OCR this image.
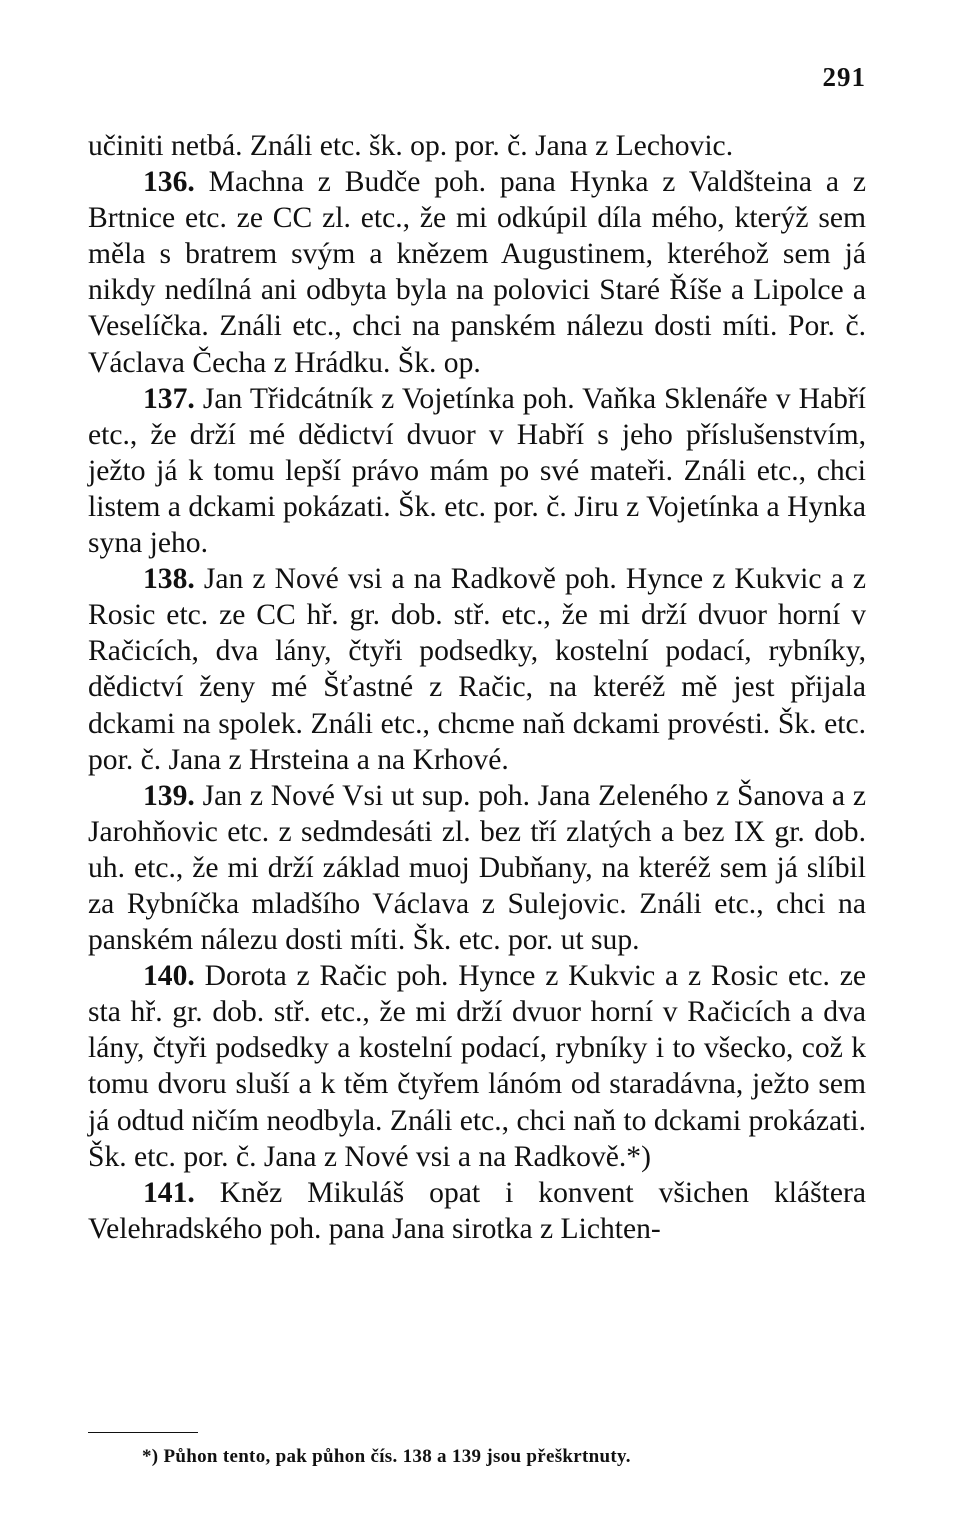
291

učiniti netbá. Ználi etc. šk. op. por. č. Jana z Lechovic.

136. Machna z Budče poh. pana Hynka z Valdšteina a z Brtnice etc. ze CC zl. etc., že mi odkúpil díla mého, kterýž sem měla s bratrem svým a knězem Augustinem, kteréhož sem já nikdy nedílná ani odbyta byla na polovici Staré Říše a Lipolce a Veselíčka. Ználi etc., chci na panském nálezu dosti míti. Por. č. Václava Čecha z Hrádku. Šk. op.

137. Jan Třidcátník z Vojetínka poh. Vaňka Sklenáře v Habří etc., že drží mé dědictví dvuor v Habří s jeho příslušenstvím, ježto já k tomu lepší právo mám po své mateři. Ználi etc., chci listem a dckami pokázati. Šk. etc. por. č. Jiru z Vojetínka a Hynka syna jeho.

138. Jan z Nové vsi a na Radkově poh. Hynce z Kukvic a z Rosic etc. ze CC hř. gr. dob. stř. etc., že mi drží dvuor horní v Račicích, dva lány, čtyři podsedky, kostelní podací, rybníky, dědictví ženy mé Šťastné z Račic, na kteréž mě jest přijala dckami na spolek. Ználi etc., chcme naň dckami provésti. Šk. etc. por. č. Jana z Hrsteina a na Krhové.

139. Jan z Nové Vsi ut sup. poh. Jana Zeleného z Šanova a z Jarohňovic etc. z sedmdesáti zl. bez tří zlatých a bez IX gr. dob. uh. etc., že mi drží základ muoj Dubňany, na kteréž sem já slíbil za Rybníčka mladšího Václava z Sulejovic. Ználi etc., chci na panském nálezu dosti míti. Šk. etc. por. ut sup.

140. Dorota z Račic poh. Hynce z Kukvic a z Rosic etc. ze sta hř. gr. dob. stř. etc., že mi drží dvuor horní v Račicích a dva lány, čtyři podsedky a kostelní podací, rybníky i to všecko, což k tomu dvoru sluší a k těm čtyřem lánóm od staradávna, ježto sem já odtud ničím neodbyla. Ználi etc., chci naň to dckami prokázati. Šk. etc. por. č. Jana z Nové vsi a na Radkově.*)

141. Kněz Mikuláš opat i konvent všichen kláštera Velehradského poh. pana Jana sirotka z Lichten-

*) Půhon tento, pak půhon čís. 138 a 139 jsou přeškrtnuty.
